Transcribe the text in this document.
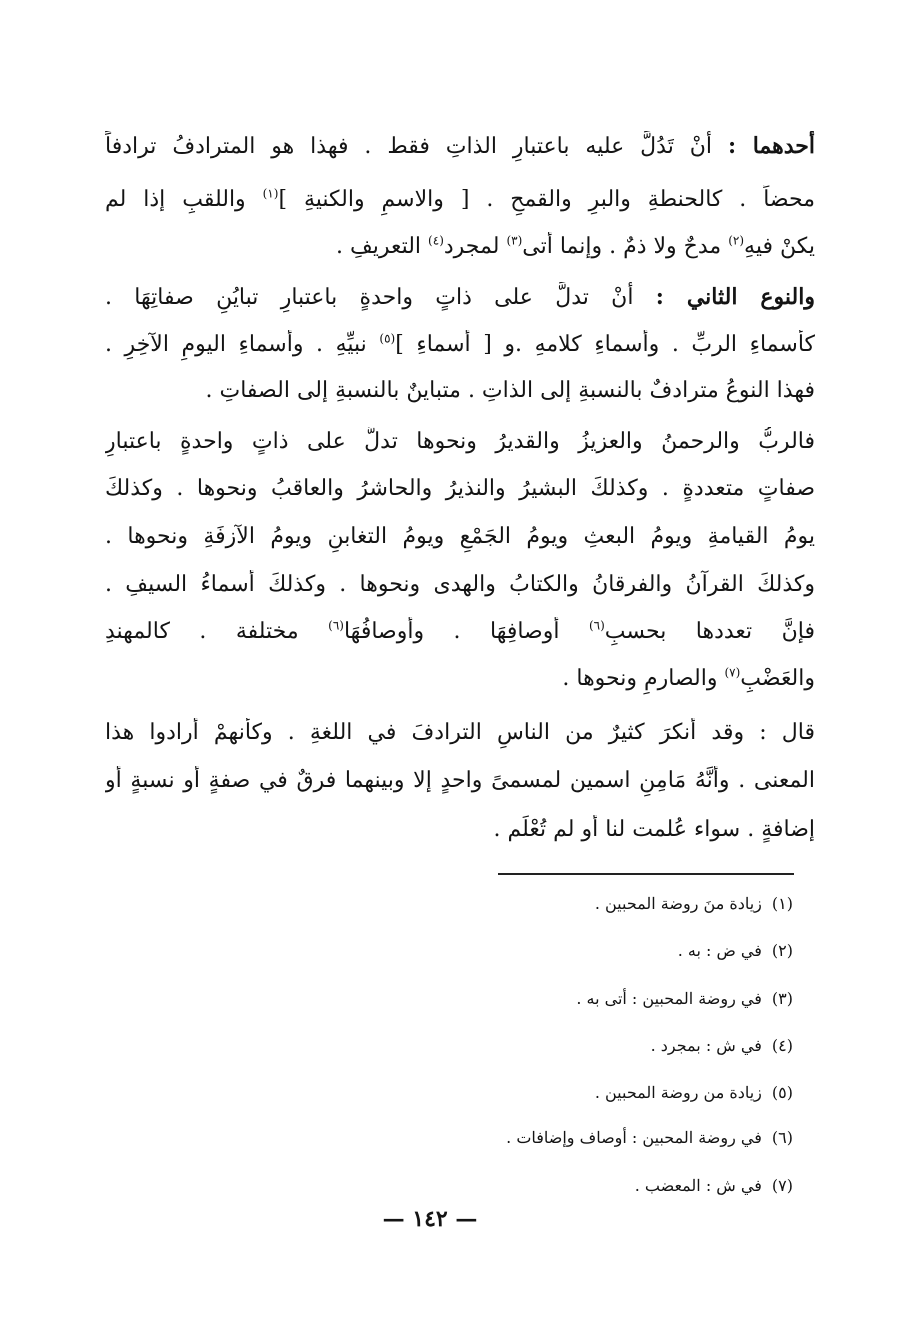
أحدهما : أنْ تَدُلَّ عليه باعتبارِ الذاتِ فقط . فهذا هو المترادفُ ترادفاً
محضاً . كالحنطةِ والبرِ والقمحِ . [ والاسمِ والكنيةِ ]$^{(١)}$ واللقبِ إذا لم
يكنْ فيهِ$^{(٢)}$ مدحٌ ولا ذمٌ . وإنما أتى$^{(٣)}$ لمجرد$^{(٤)}$ التعريفِ .
والنوع الثاني : أنْ تدلَّ على ذاتٍ واحدةٍ باعتبارِ تبايُنِ صفاتِهَا .
كأسماءِ الربِّ . وأسماءِ كلامهِ .و [ أسماءِ ]$^{(٥)}$ نبيِّهِ . وأسماءِ اليومِ الآخِرِ .
فهذا النوعُ مترادفٌ بالنسبةِ إلى الذاتِ . متباينٌ بالنسبةِ إلى الصفاتِ .
فالربُّ والرحمنُ والعزيزُ والقديرُ ونحوها تدلُّ على ذاتٍ واحدةٍ باعتبارِ
صفاتٍ متعددةٍ . وكذلكَ البشيرُ والنذيرُ والحاشرُ والعاقبُ ونحوها . وكذلكَ
يومُ القيامةِ ويومُ البعثِ ويومُ الجَمْعِ ويومُ التغابنِ ويومُ الآزفَةِ ونحوها .
وكذلكَ القرآنُ والفرقانُ والكتابُ والهدى ونحوها . وكذلكَ أسماءُ السيفِ .
فإنَّ تعددها بحسبِ$^{(٦)}$ أوصافِهَا . وأوصافُهَا$^{(٦)}$ مختلفة . كالمهندِ
والعَضْبِ$^{(٧)}$ والصارمِ ونحوها .
قال : وقد أنكرَ كثيرٌ من الناسِ الترادفَ في اللغةِ . وكأنهمْ أرادوا هذا
المعنى . وأنَّهُ مَامِنِ اسمين لمسمىً واحدٍ إلا وبينهما فرقٌ في صفةٍ أو نسبةٍ أو
إضافةٍ . سواء عُلمت لنا أو لم تُعْلَم .
(١)زيادة منَ روضة المحبين .
(٢)في ض : به .
(٣)في روضة المحبين : أتى به .
(٤)في ش : بمجرد .
(٥)زيادة من روضة المحبين .
(٦)في روضة المحبين : أوصاف وإضافات .
(٧)في ش : المعضب .
— ١٤٢ —
